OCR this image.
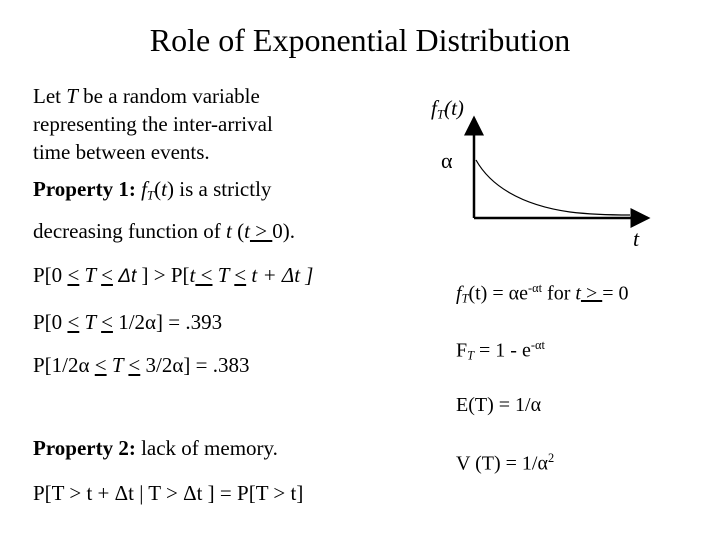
Role of Exponential Distribution
Let T be a random variable
representing the inter-arrival
time between events.
Property 1: $f_T(t)$ is a strictly
decreasing function of t (t > 0).
P[0 < T < Δt ] > P[t < T < t + Δt ]
P[0 ≤ T ≤ 1/2α] = .393
P[1/2α ≤ T ≤ 3/2α] = .383
Property 2: lack of memory.
P[T > t + Δt | T > Δt ] = P[T > t]
$f_T(t)$
α
t
$f_T(t) = \alpha e^{-\alpha t}$ for t > = 0
$F_T = 1 - e^{-\alpha t}$
E(T) = 1/α
V $(T) = 1/\alpha^2$
